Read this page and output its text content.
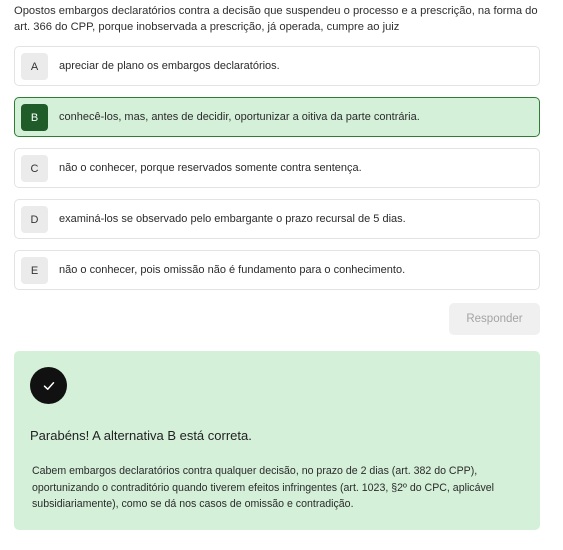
Opostos embargos declaratórios contra a decisão que suspendeu o processo e a prescrição, na forma do art. 366 do CPP, porque inobservada a prescrição, já operada, cumpre ao juiz
A	apreciar de plano os embargos declaratórios.
B	conhecê-los, mas, antes de decidir, oportunizar a oitiva da parte contrária.
C	não o conhecer, porque reservados somente contra sentença.
D	examiná-los se observado pelo embargante o prazo recursal de 5 dias.
E	não o conhecer, pois omissão não é fundamento para o conhecimento.
Responder
Parabéns! A alternativa B está correta.
Cabem embargos declaratórios contra qualquer decisão, no prazo de 2 dias (art. 382 do CPP), oportunizando o contraditório quando tiverem efeitos infringentes (art. 1023, §2º do CPC, aplicável subsidiariamente), como se dá nos casos de omissão e contradição.
